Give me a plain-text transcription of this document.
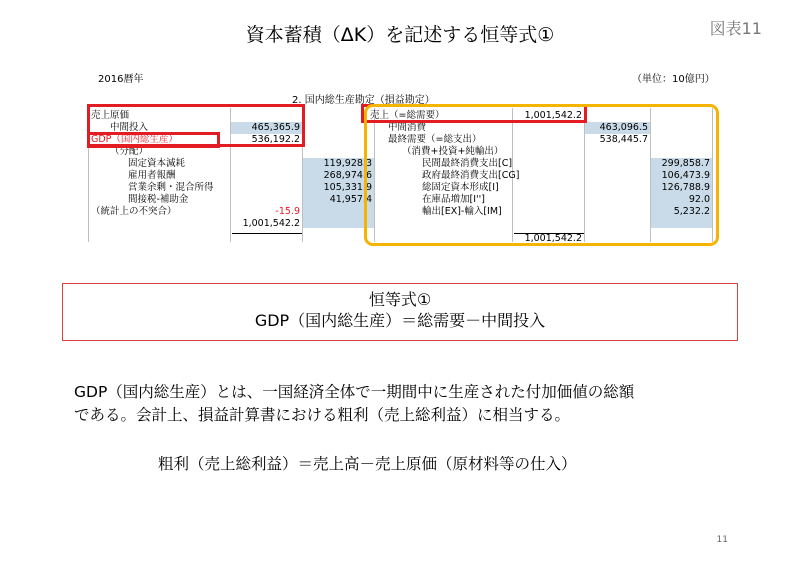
資本蓄積（ΔK）を記述する恒等式①	図表11
2016暦年	（単位：10億円）
2. 国内総生産勘定（損益勘定）
売上原価
中間投入	465,365.9
GDP（国内総生産）	536,192.2
（分配）
固定資本減耗	119,928.3
雇用者報酬	268,974.6
営業余剰・混合所得	105,331.9
間接税-補助金	41,957.4
（統計上の不突合）	-15.9
1,001,542.2
売上（=総需要）	1,001,542.2
中間消費	463,096.5
最終需要（=総支出）	538,445.7
（消費+投資+純輸出）
民間最終消費支出[C]	299,858.7
政府最終消費支出[CG]	106,473.9
総固定資本形成[I]	126,788.9
在庫品増加[I'']	92.0
輸出[EX]-輸入[IM]	5,232.2
1,001,542.2
恒等式①
GDP（国内総生産）＝総需要－中間投入
GDP（国内総生産）とは、一国経済全体で一期間中に生産された付加価値の総額
である。会計上、損益計算書における粗利（売上総利益）に相当する。
粗利（売上総利益）＝売上高－売上原価（原材料等の仕入）
11
